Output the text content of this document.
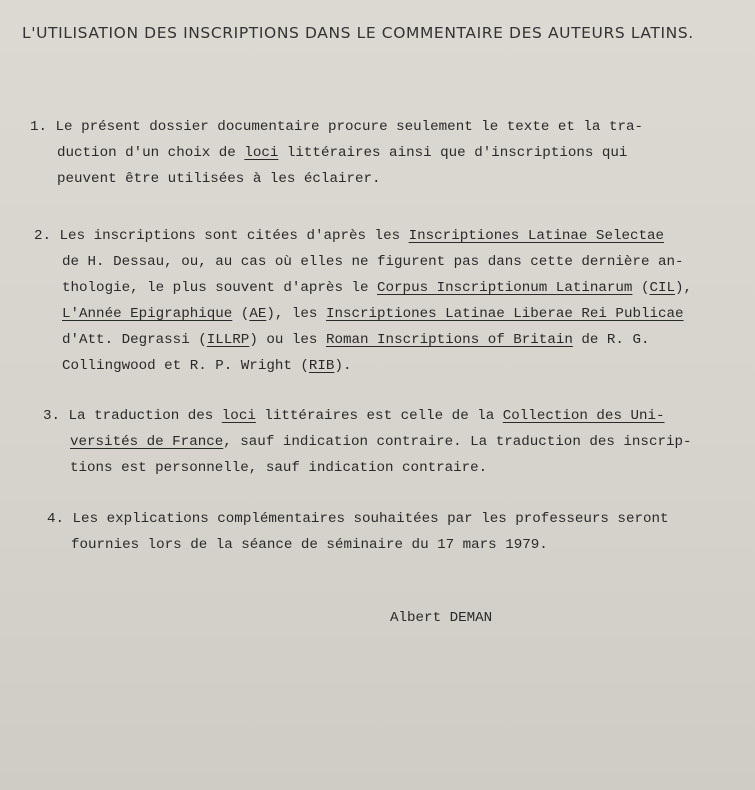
L'UTILISATION DES INSCRIPTIONS DANS LE COMMENTAIRE DES AUTEURS LATINS.
1. Le présent dossier documentaire procure seulement le texte et la tra-
duction d'un choix de loci littéraires ainsi que d'inscriptions qui
peuvent être utilisées à les éclairer.
2. Les inscriptions sont citées d'après les Inscriptiones Latinae Selectae
de H. Dessau, ou, au cas où elles ne figurent pas dans cette dernière an-
thologie, le plus souvent d'après le Corpus Inscriptionum Latinarum (CIL),
L'Année Epigraphique (AE), les Inscriptiones Latinae Liberae Rei Publicae
d'Att. Degrassi (ILLRP) ou les Roman Inscriptions of Britain de R. G.
Collingwood et R. P. Wright (RIB).
3. La traduction des loci littéraires est celle de la Collection des Uni-
versités de France, sauf indication contraire. La traduction des inscrip-
tions est personnelle, sauf indication contraire.
4. Les explications complémentaires souhaitées par les professeurs seront
fournies lors de la séance de séminaire du 17 mars 1979.
Albert DEMAN
